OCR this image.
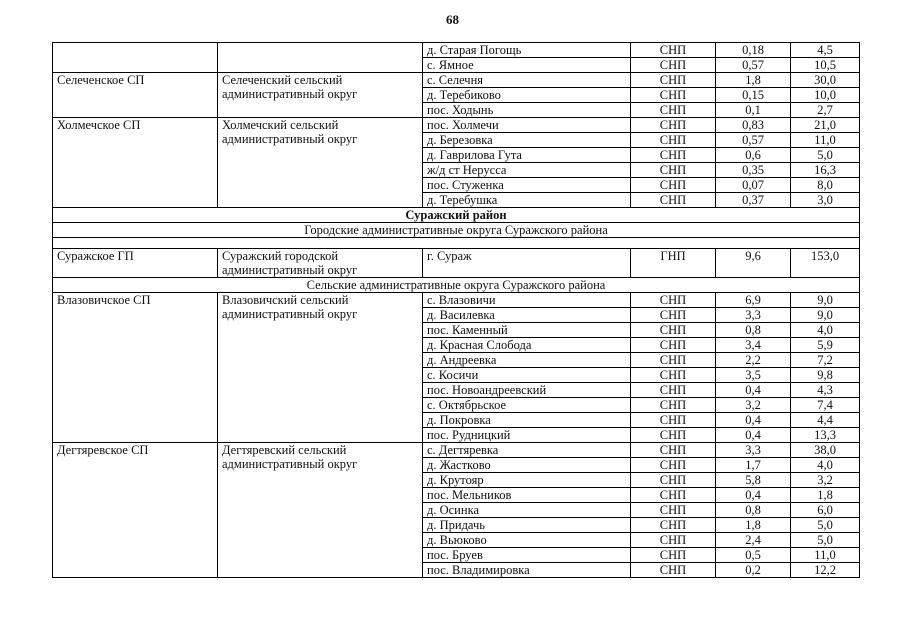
68
		д. Старая Погощь	СНП	0,18	4,5
		с. Ямное	СНП	0,57	10,5
Селеченское СП	Селеченский сельский административный округ	с. Селечня	СНП	1,8	30,0
		д. Теребиково	СНП	0,15	10,0
		пос. Ходынь	СНП	0,1	2,7
Холмечское СП	Холмечский сельский административный округ	пос. Холмечи	СНП	0,83	21,0
		д. Березовка	СНП	0,57	11,0
		д. Гаврилова Гута	СНП	0,6	5,0
		ж/д ст Нерусса	СНП	0,35	16,3
		пос. Стуженка	СНП	0,07	8,0
		д. Теребушка	СНП	0,37	3,0
Суражский район					
Городские административные округа Суражского района					

Суражское ГП	Суражский городской административный округ	г. Сураж	ГНП	9,6	153,0
Сельские административные округа Суражского района					
Влазовичское СП	Влазовичский сельский административный округ	с. Влазовичи	СНП	6,9	9,0
		д. Василевка	СНП	3,3	9,0
		пос. Каменный	СНП	0,8	4,0
		д. Красная Слобода	СНП	3,4	5,9
		д. Андреевка	СНП	2,2	7,2
		с. Косичи	СНП	3,5	9,8
		пос. Новоандреевский	СНП	0,4	4,3
		с. Октябрьское	СНП	3,2	7,4
		д. Покровка	СНП	0,4	4,4
		пос. Рудницкий	СНП	0,4	13,3
Дегтяревское СП	Дегтяревский сельский административный округ	с. Дегтяревка	СНП	3,3	38,0
		д. Жастково	СНП	1,7	4,0
		д. Крутояр	СНП	5,8	3,2
		пос. Мельников	СНП	0,4	1,8
		д. Осинка	СНП	0,8	6,0
		д. Придачь	СНП	1,8	5,0
		д. Вьюково	СНП	2,4	5,0
		пос. Бруев	СНП	0,5	11,0
		пос. Владимировка	СНП	0,2	12,2
